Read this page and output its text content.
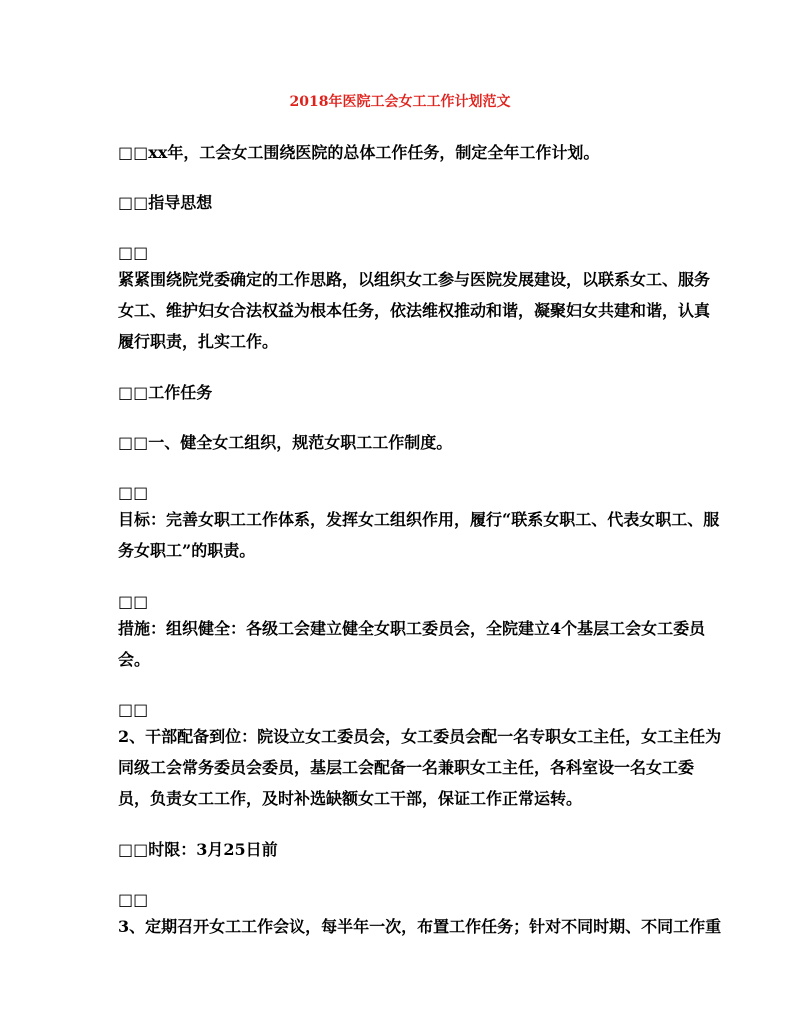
2018年医院工会女工工作计划范文
□□xx年，工会女工围绕医院的总体工作任务，制定全年工作计划。
□□指导思想
□□
紧紧围绕院党委确定的工作思路，以组织女工参与医院发展建设，以联系女工、服务
女工、维护妇女合法权益为根本任务，依法维权推动和谐，凝聚妇女共建和谐，认真
履行职责，扎实工作。
□□工作任务
□□一、健全女工组织，规范女职工工作制度。
□□
目标：完善女职工工作体系，发挥女工组织作用，履行“联系女职工、代表女职工、服
务女职工”的职责。
□□
措施：组织健全：各级工会建立健全女职工委员会，全院建立4个基层工会女工委员
会。
□□
2、干部配备到位：院设立女工委员会，女工委员会配一名专职女工主任，女工主任为
同级工会常务委员会委员，基层工会配备一名兼职女工主任，各科室设一名女工委
员，负责女工工作，及时补选缺额女工干部，保证工作正常运转。
□□时限：3月25日前
□□
3、定期召开女工工作会议，每半年一次，布置工作任务；针对不同时期、不同工作重
